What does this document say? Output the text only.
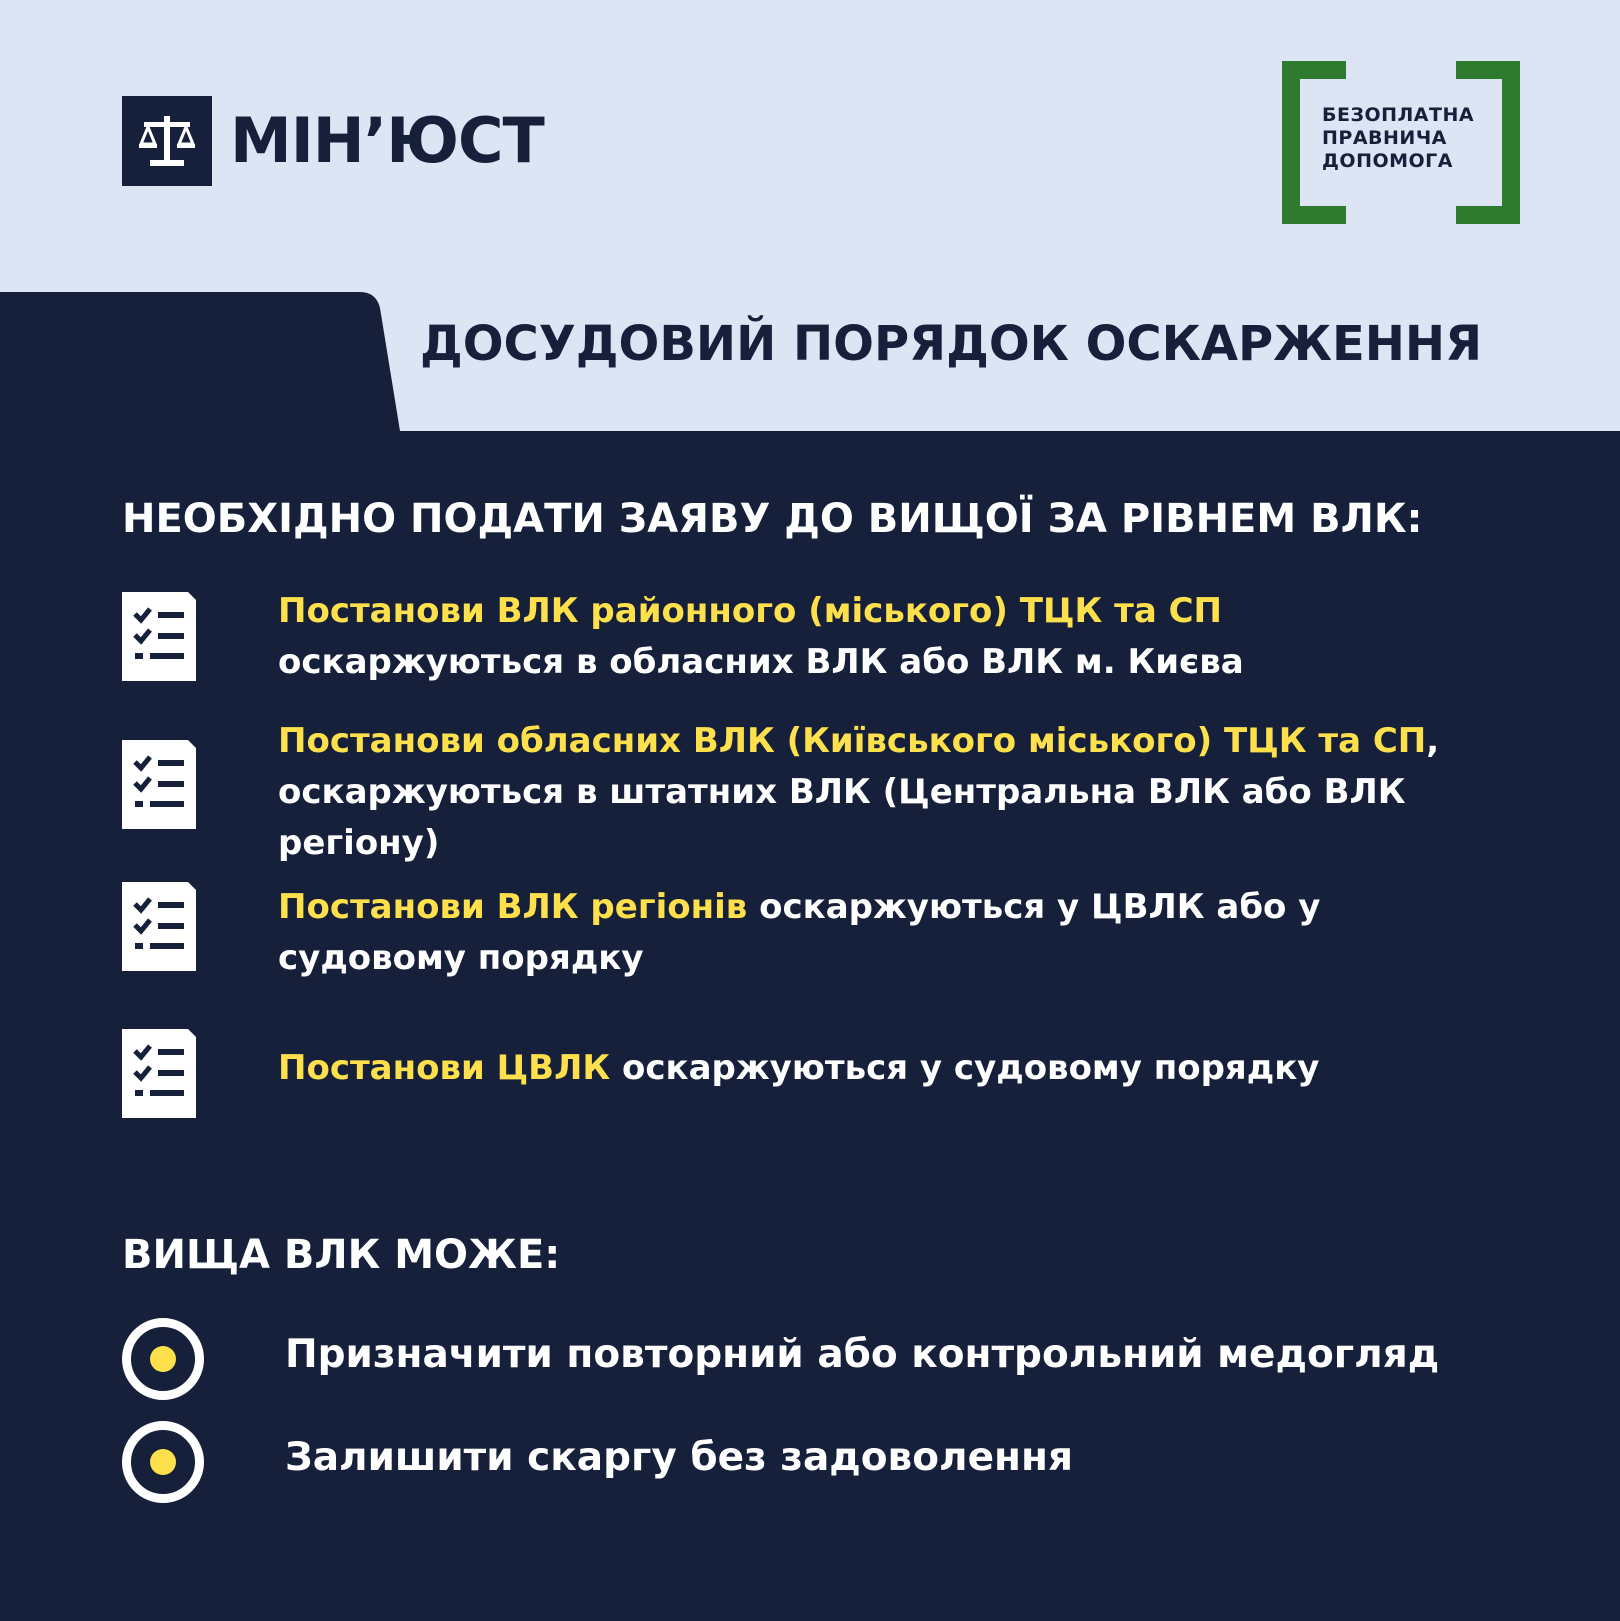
МІН’ЮСТ	БЕЗОПЛАТНА
ПРАВНИЧА
ДОПОМОГА
ДОСУДОВИЙ ПОРЯДОК ОСКАРЖЕННЯ
НЕОБХІДНО ПОДАТИ ЗАЯВУ ДО ВИЩОЇ ЗА РІВНЕМ ВЛК:
Постанови ВЛК районного (міського) ТЦК та СП оскаржуються в обласних ВЛК або ВЛК м. Києва
Постанови обласних ВЛК (Київського міського) ТЦК та СП, оскаржуються в штатних ВЛК (Центральна ВЛК або ВЛК регіону)
Постанови ВЛК регіонів оскаржуються у ЦВЛК або у судовому порядку
Постанови ЦВЛК оскаржуються у судовому порядку
ВИЩА ВЛК МОЖЕ:
Призначити повторний або контрольний медогляд
Залишити скаргу без задоволення
